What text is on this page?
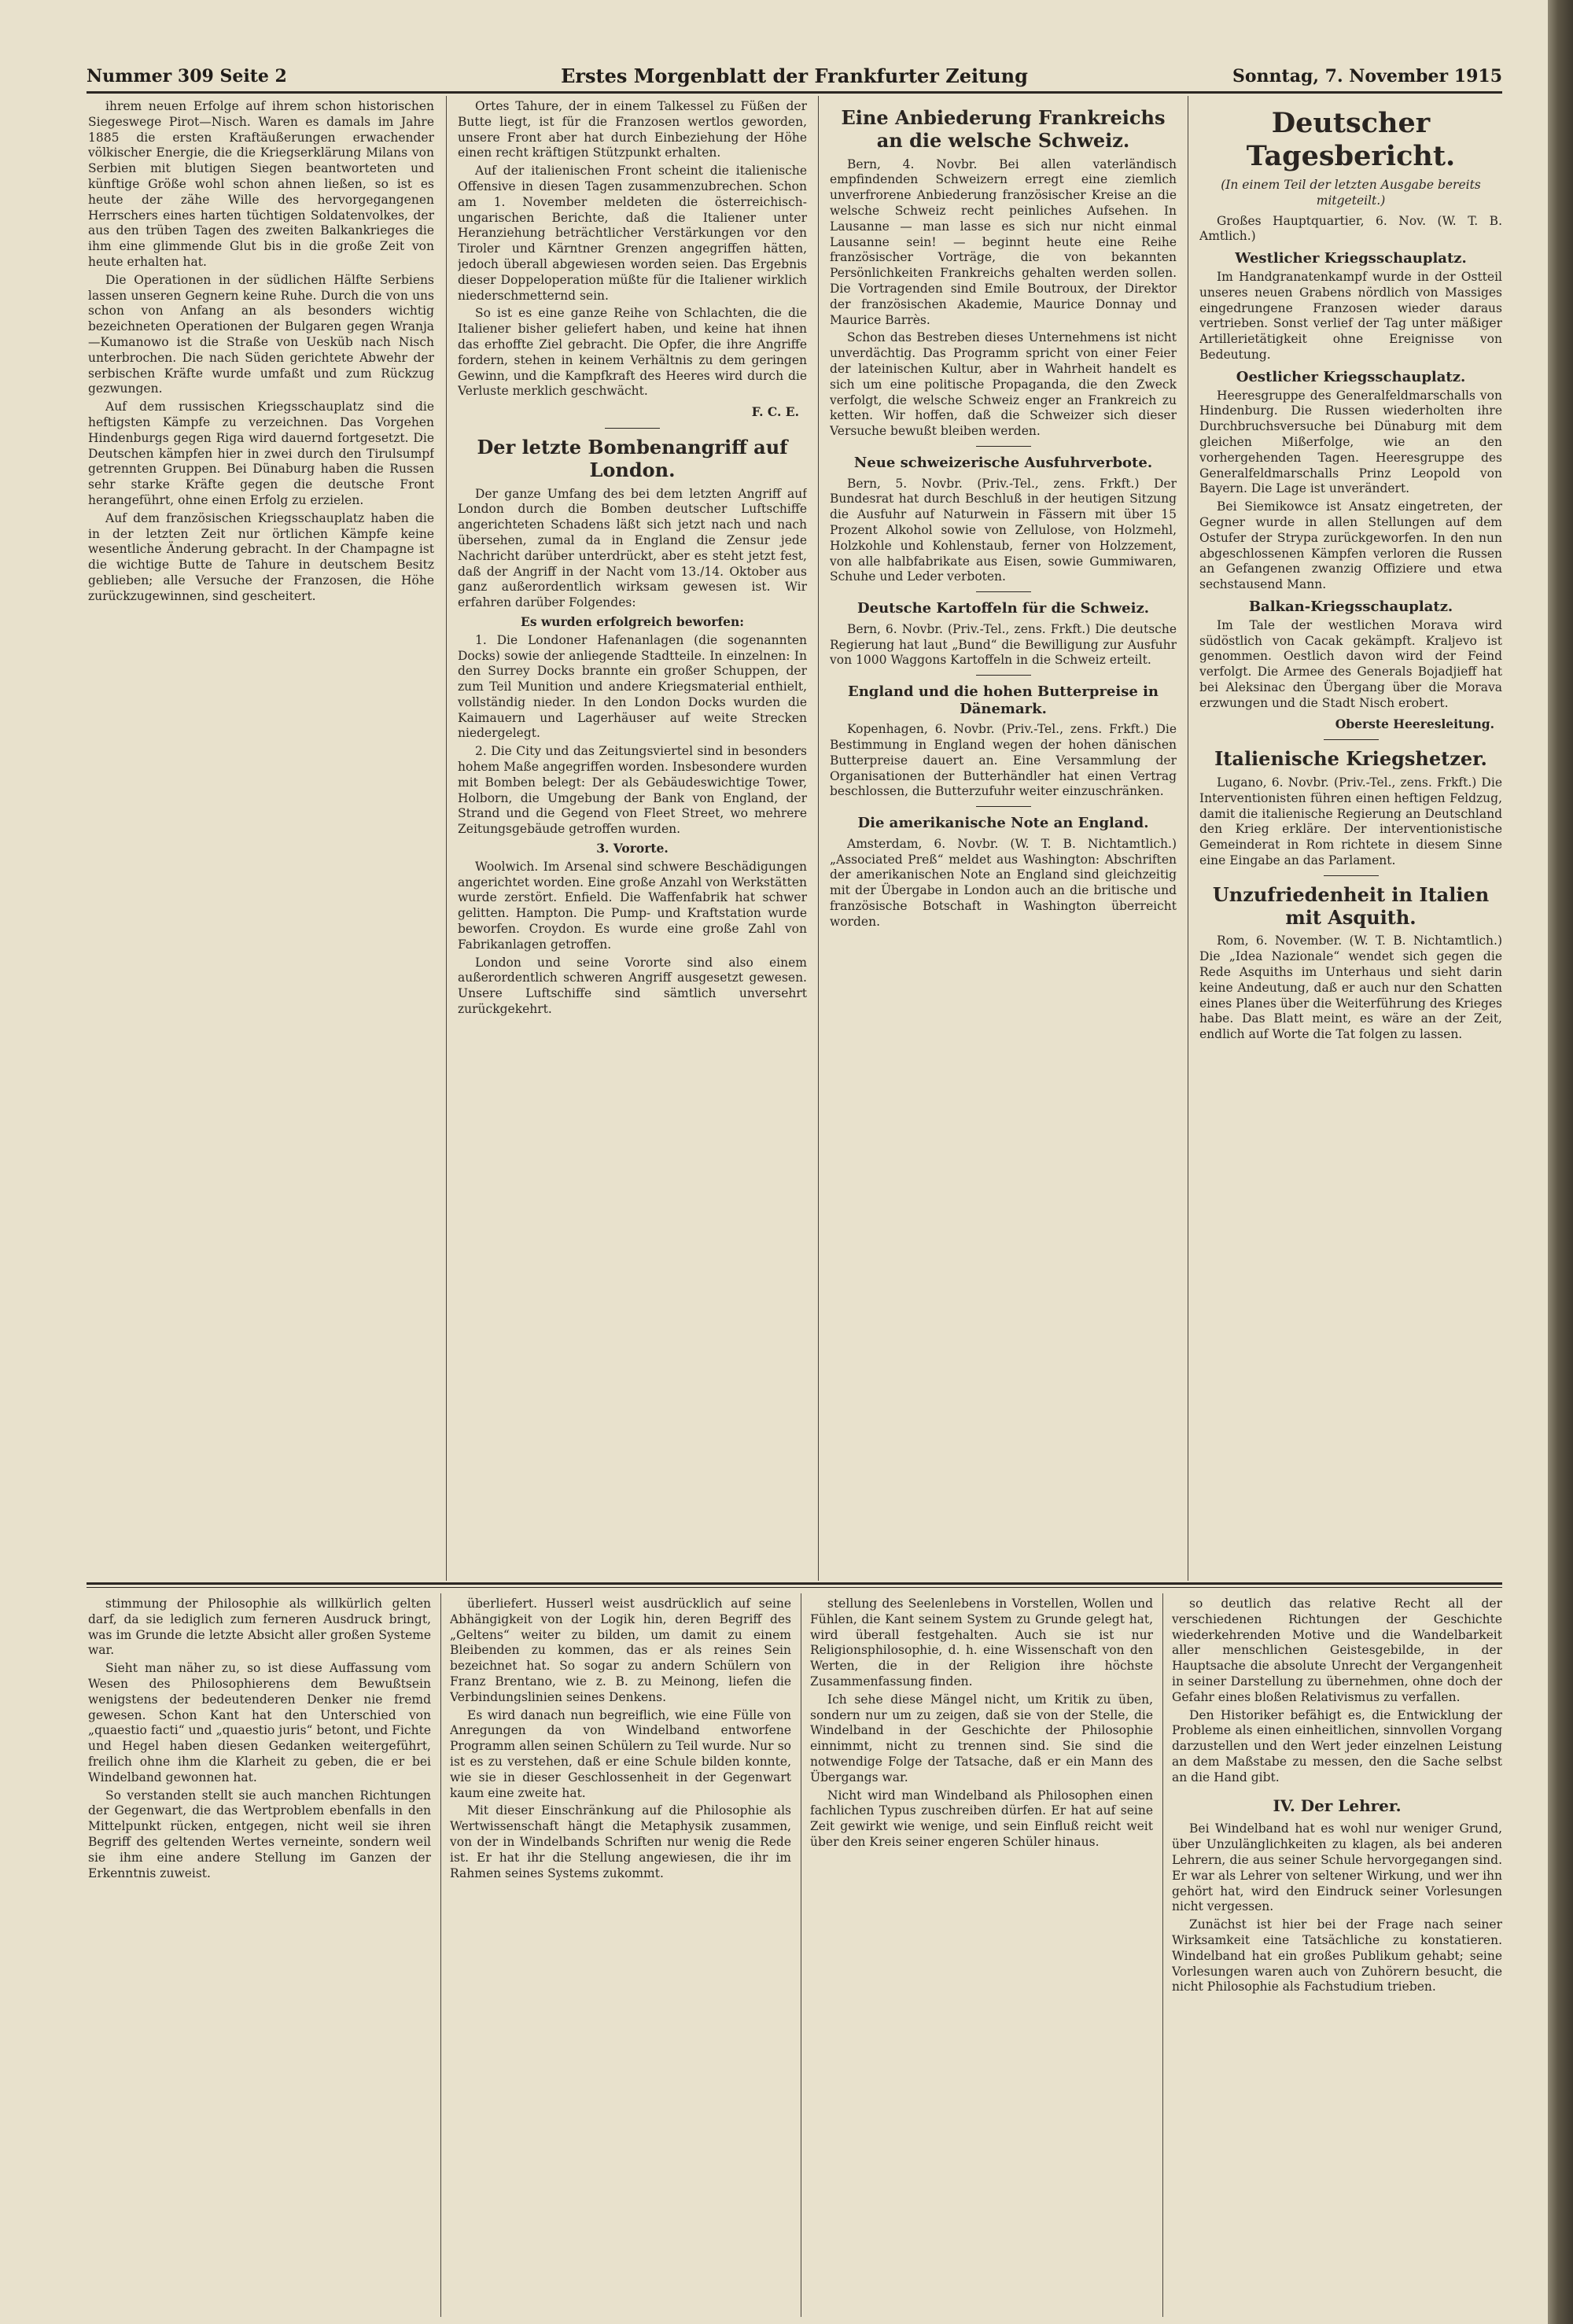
Nummer 309 Seite 2	Erstes Morgenblatt der Frankfurter Zeitung	Sonntag, 7. November 1915

ihrem neuen Erfolge auf ihrem schon historischen Siegeswege Pirot—Nisch. Waren es damals im Jahre 1885 die ersten Kraftäußerungen erwachender völkischer Energie, die die Kriegserklärung Milans von Serbien mit blutigen Siegen beantworteten und künftige Größe wohl schon ahnen ließen, so ist es heute der zähe Wille des hervorgegangenen Herrschers eines harten tüchtigen Soldatenvolkes, der aus den trüben Tagen des zweiten Balkankrieges die ihm eine glimmende Glut bis in die große Zeit von heute erhalten hat.

Die Operationen in der südlichen Hälfte Serbiens lassen unseren Gegnern keine Ruhe. Durch die von uns schon von Anfang an als besonders wichtig bezeichneten Operationen der Bulgaren gegen Wranja—Kumanowo ist die Straße von Uesküb nach Nisch unterbrochen. Die nach Süden gerichtete Abwehr der serbischen Kräfte wurde umfaßt und zum Rückzug gezwungen.

Auf dem russischen Kriegsschauplatz sind die heftigsten Kämpfe zu verzeichnen. Das Vorgehen Hindenburgs gegen Riga wird dauernd fortgesetzt. Die Deutschen kämpfen hier in zwei durch den Tirulsumpf getrennten Gruppen. Bei Dünaburg haben die Russen sehr starke Kräfte gegen die deutsche Front herangeführt, ohne einen Erfolg zu erzielen.

Auf dem französischen Kriegsschauplatz haben die in der letzten Zeit nur örtlichen Kämpfe keine wesentliche Änderung gebracht. In der Champagne ist die wichtige Butte de Tahure in deutschem Besitz geblieben; alle Versuche der Franzosen, die Höhe zurückzugewinnen, sind gescheitert.

Ortes Tahure, der in einem Talkessel zu Füßen der Butte liegt, ist für die Franzosen wertlos geworden, unsere Front aber hat durch Einbeziehung der Höhe einen recht kräftigen Stützpunkt erhalten.

Auf der italienischen Front scheint die italienische Offensive in diesen Tagen zusammenzubrechen. Schon am 1. November meldeten die österreichisch-ungarischen Berichte, daß die Italiener unter Heranziehung beträchtlicher Verstärkungen vor den Tiroler und Kärntner Grenzen angegriffen hätten, jedoch überall abgewiesen worden seien. Das Ergebnis dieser Doppeloperation müßte für die Italiener wirklich niederschmetternd sein.

So ist es eine ganze Reihe von Schlachten, die die Italiener bisher geliefert haben, und keine hat ihnen das erhoffte Ziel gebracht. Die Opfer, die ihre Angriffe fordern, stehen in keinem Verhältnis zu dem geringen Gewinn, und die Kampfkraft des Heeres wird durch die Verluste merklich geschwächt.

F. C. E.
Der letzte Bombenangriff auf London.

Der ganze Umfang des bei dem letzten Angriff auf London durch die Bomben deutscher Luftschiffe angerichteten Schadens läßt sich jetzt nach und nach übersehen, zumal da in England die Zensur jede Nachricht darüber unterdrückt, aber es steht jetzt fest, daß der Angriff in der Nacht vom 13./14. Oktober aus ganz außerordentlich wirksam gewesen ist. Wir erfahren darüber Folgendes:

Es wurden erfolgreich beworfen:

1. Die Londoner Hafenanlagen (die sogenannten Docks) sowie der anliegende Stadtteile. In einzelnen: In den Surrey Docks brannte ein großer Schuppen, der zum Teil Munition und andere Kriegsmaterial enthielt, vollständig nieder. In den London Docks wurden die Kaimauern und Lagerhäuser auf weite Strecken niedergelegt.

2. Die City und das Zeitungsviertel sind in besonders hohem Maße angegriffen worden. Insbesondere wurden mit Bomben belegt: Der als Gebäudeswichtige Tower, Holborn, die Umgebung der Bank von England, der Strand und die Gegend von Fleet Street, wo mehrere Zeitungsgebäude getroffen wurden.

3. Vororte.

Woolwich. Im Arsenal sind schwere Beschädigungen angerichtet worden. Eine große Anzahl von Werkstätten wurde zerstört. Enfield. Die Waffenfabrik hat schwer gelitten. Hampton. Die Pump- und Kraftstation wurde beworfen. Croydon. Es wurde eine große Zahl von Fabrikanlagen getroffen.

London und seine Vororte sind also einem außerordentlich schweren Angriff ausgesetzt gewesen. Unsere Luftschiffe sind sämtlich unversehrt zurückgekehrt.

Eine Anbiederung Frankreichs an die welsche Schweiz.

Bern, 4. Novbr. Bei allen vaterländisch empfindenden Schweizern erregt eine ziemlich unverfrorene Anbiederung französischer Kreise an die welsche Schweiz recht peinliches Aufsehen. In Lausanne — man lasse es sich nur nicht einmal Lausanne sein! — beginnt heute eine Reihe französischer Vorträge, die von bekannten Persönlichkeiten Frankreichs gehalten werden sollen. Die Vortragenden sind Emile Boutroux, der Direktor der französischen Akademie, Maurice Donnay und Maurice Barrès.

Schon das Bestreben dieses Unternehmens ist nicht unverdächtig. Das Programm spricht von einer Feier der lateinischen Kultur, aber in Wahrheit handelt es sich um eine politische Propaganda, die den Zweck verfolgt, die welsche Schweiz enger an Frankreich zu ketten. Wir hoffen, daß die Schweizer sich dieser Versuche bewußt bleiben werden.

Neue schweizerische Ausfuhrverbote.

Bern, 5. Novbr. (Priv.-Tel., zens. Frkft.) Der Bundesrat hat durch Beschluß in der heutigen Sitzung die Ausfuhr auf Naturwein in Fässern mit über 15 Prozent Alkohol sowie von Zellulose, von Holzmehl, Holzkohle und Kohlenstaub, ferner von Holzzement, von alle halbfabrikate aus Eisen, sowie Gummiwaren, Schuhe und Leder verboten.

Deutsche Kartoffeln für die Schweiz.

Bern, 6. Novbr. (Priv.-Tel., zens. Frkft.) Die deutsche Regierung hat laut „Bund“ die Bewilligung zur Ausfuhr von 1000 Waggons Kartoffeln in die Schweiz erteilt.

England und die hohen Butterpreise in Dänemark.

Kopenhagen, 6. Novbr. (Priv.-Tel., zens. Frkft.) Die Bestimmung in England wegen der hohen dänischen Butterpreise dauert an. Eine Versammlung der Organisationen der Butterhändler hat einen Vertrag beschlossen, die Butterzufuhr weiter einzuschränken.

Die amerikanische Note an England.

Amsterdam, 6. Novbr. (W. T. B. Nichtamtlich.) „Associated Preß“ meldet aus Washington: Abschriften der amerikanischen Note an England sind gleichzeitig mit der Übergabe in London auch an die britische und französische Botschaft in Washington überreicht worden.

Deutscher Tagesbericht.
(In einem Teil der letzten Ausgabe bereits mitgeteilt.)

Großes Hauptquartier, 6. Nov. (W. T. B. Amtlich.)

Westlicher Kriegsschauplatz.

Im Handgranatenkampf wurde in der Ostteil unseres neuen Grabens nördlich von Massiges eingedrungene Franzosen wieder daraus vertrieben. Sonst verlief der Tag unter mäßiger Artillerietätigkeit ohne Ereignisse von Bedeutung.

Oestlicher Kriegsschauplatz.

Heeresgruppe des Generalfeldmarschalls von Hindenburg. Die Russen wiederholten ihre Durchbruchsversuche bei Dünaburg mit dem gleichen Mißerfolge, wie an den vorhergehenden Tagen. Heeresgruppe des Generalfeldmarschalls Prinz Leopold von Bayern. Die Lage ist unverändert.

Bei Siemikowce ist Ansatz eingetreten, der Gegner wurde in allen Stellungen auf dem Ostufer der Strypa zurückgeworfen. In den nun abgeschlossenen Kämpfen verloren die Russen an Gefangenen zwanzig Offiziere und etwa sechstausend Mann.

Balkan-Kriegsschauplatz.

Im Tale der westlichen Morava wird südöstlich von Cacak gekämpft. Kraljevo ist genommen. Oestlich davon wird der Feind verfolgt. Die Armee des Generals Bojadjieff hat bei Aleksinac den Übergang über die Morava erzwungen und die Stadt Nisch erobert.

Oberste Heeresleitung.
Italienische Kriegshetzer.

Lugano, 6. Novbr. (Priv.-Tel., zens. Frkft.) Die Interventionisten führen einen heftigen Feldzug, damit die italienische Regierung an Deutschland den Krieg erkläre. Der interventionistische Gemeinderat in Rom richtete in diesem Sinne eine Eingabe an das Parlament.

Unzufriedenheit in Italien mit Asquith.

Rom, 6. November. (W. T. B. Nichtamtlich.) Die „Idea Nazionale“ wendet sich gegen die Rede Asquiths im Unterhaus und sieht darin keine Andeutung, daß er auch nur den Schatten eines Planes über die Weiterführung des Krieges habe. Das Blatt meint, es wäre an der Zeit, endlich auf Worte die Tat folgen zu lassen.

stimmung der Philosophie als willkürlich gelten darf, da sie lediglich zum ferneren Ausdruck bringt, was im Grunde die letzte Absicht aller großen Systeme war.

Sieht man näher zu, so ist diese Auffassung vom Wesen des Philosophierens dem Bewußtsein wenigstens der bedeutenderen Denker nie fremd gewesen. Schon Kant hat den Unterschied von „quaestio facti“ und „quaestio juris“ betont, und Fichte und Hegel haben diesen Gedanken weitergeführt, freilich ohne ihm die Klarheit zu geben, die er bei Windelband gewonnen hat.

So verstanden stellt sie auch manchen Richtungen der Gegenwart, die das Wertproblem ebenfalls in den Mittelpunkt rücken, entgegen, nicht weil sie ihren Begriff des geltenden Wertes verneinte, sondern weil sie ihm eine andere Stellung im Ganzen der Erkenntnis zuweist.

überliefert. Husserl weist ausdrücklich auf seine Abhängigkeit von der Logik hin, deren Begriff des „Geltens“ weiter zu bilden, um damit zu einem Bleibenden zu kommen, das er als reines Sein bezeichnet hat. So sogar zu andern Schülern von Franz Brentano, wie z. B. zu Meinong, liefen die Verbindungslinien seines Denkens.

Es wird danach nun begreiflich, wie eine Fülle von Anregungen da von Windelband entworfene Programm allen seinen Schülern zu Teil wurde. Nur so ist es zu verstehen, daß er eine Schule bilden konnte, wie sie in dieser Geschlossenheit in der Gegenwart kaum eine zweite hat.

Mit dieser Einschränkung auf die Philosophie als Wertwissenschaft hängt die Metaphysik zusammen, von der in Windelbands Schriften nur wenig die Rede ist. Er hat ihr die Stellung angewiesen, die ihr im Rahmen seines Systems zukommt.

stellung des Seelenlebens in Vorstellen, Wollen und Fühlen, die Kant seinem System zu Grunde gelegt hat, wird überall festgehalten. Auch sie ist nur Religionsphilosophie, d. h. eine Wissenschaft von den Werten, die in der Religion ihre höchste Zusammenfassung finden.

Ich sehe diese Mängel nicht, um Kritik zu üben, sondern nur um zu zeigen, daß sie von der Stelle, die Windelband in der Geschichte der Philosophie einnimmt, nicht zu trennen sind. Sie sind die notwendige Folge der Tatsache, daß er ein Mann des Übergangs war.

Nicht wird man Windelband als Philosophen einen fachlichen Typus zuschreiben dürfen. Er hat auf seine Zeit gewirkt wie wenige, und sein Einfluß reicht weit über den Kreis seiner engeren Schüler hinaus.

so deutlich das relative Recht all der verschiedenen Richtungen der Geschichte wiederkehrenden Motive und die Wandelbarkeit aller menschlichen Geistesgebilde, in der Hauptsache die absolute Unrecht der Vergangenheit in seiner Darstellung zu übernehmen, ohne doch der Gefahr eines bloßen Relativismus zu verfallen.

Den Historiker befähigt es, die Entwicklung der Probleme als einen einheitlichen, sinnvollen Vorgang darzustellen und den Wert jeder einzelnen Leistung an dem Maßstabe zu messen, den die Sache selbst an die Hand gibt.

IV. Der Lehrer.

Bei Windelband hat es wohl nur weniger Grund, über Unzulänglichkeiten zu klagen, als bei anderen Lehrern, die aus seiner Schule hervorgegangen sind. Er war als Lehrer von seltener Wirkung, und wer ihn gehört hat, wird den Eindruck seiner Vorlesungen nicht vergessen.

Zunächst ist hier bei der Frage nach seiner Wirksamkeit eine Tatsächliche zu konstatieren. Windelband hat ein großes Publikum gehabt; seine Vorlesungen waren auch von Zuhörern besucht, die nicht Philosophie als Fachstudium trieben.
